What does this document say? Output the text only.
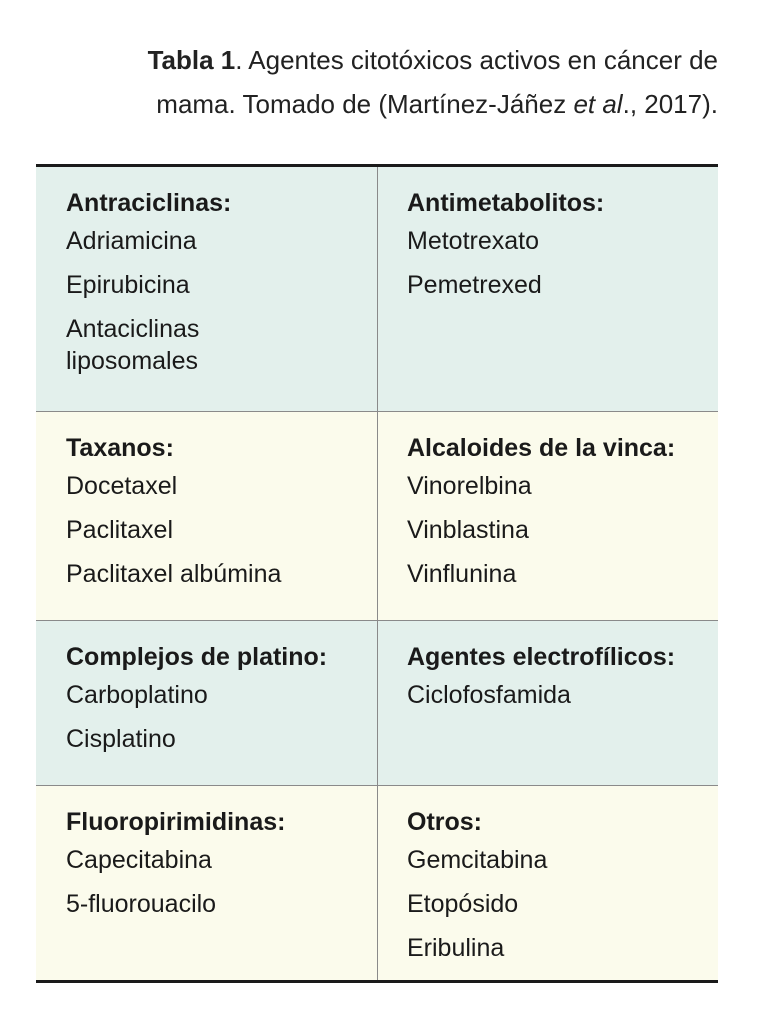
Tabla 1. Agentes citotóxicos activos en cáncer de mama. Tomado de (Martínez-Jáñez et al., 2017).
Antraciclinas:
Adriamicina
Epirubicina
Antaciclinas liposomales
Antimetabolitos:
Metotrexato
Pemetrexed
Taxanos:
Docetaxel
Paclitaxel
Paclitaxel albúmina
Alcaloides de la vinca:
Vinorelbina
Vinblastina
Vinflunina
Complejos de platino:
Carboplatino
Cisplatino
Agentes electrofílicos:
Ciclofosfamida
Fluoropirimidinas:
Capecitabina
5-fluorouacilo
Otros:
Gemcitabina
Etopósido
Eribulina
